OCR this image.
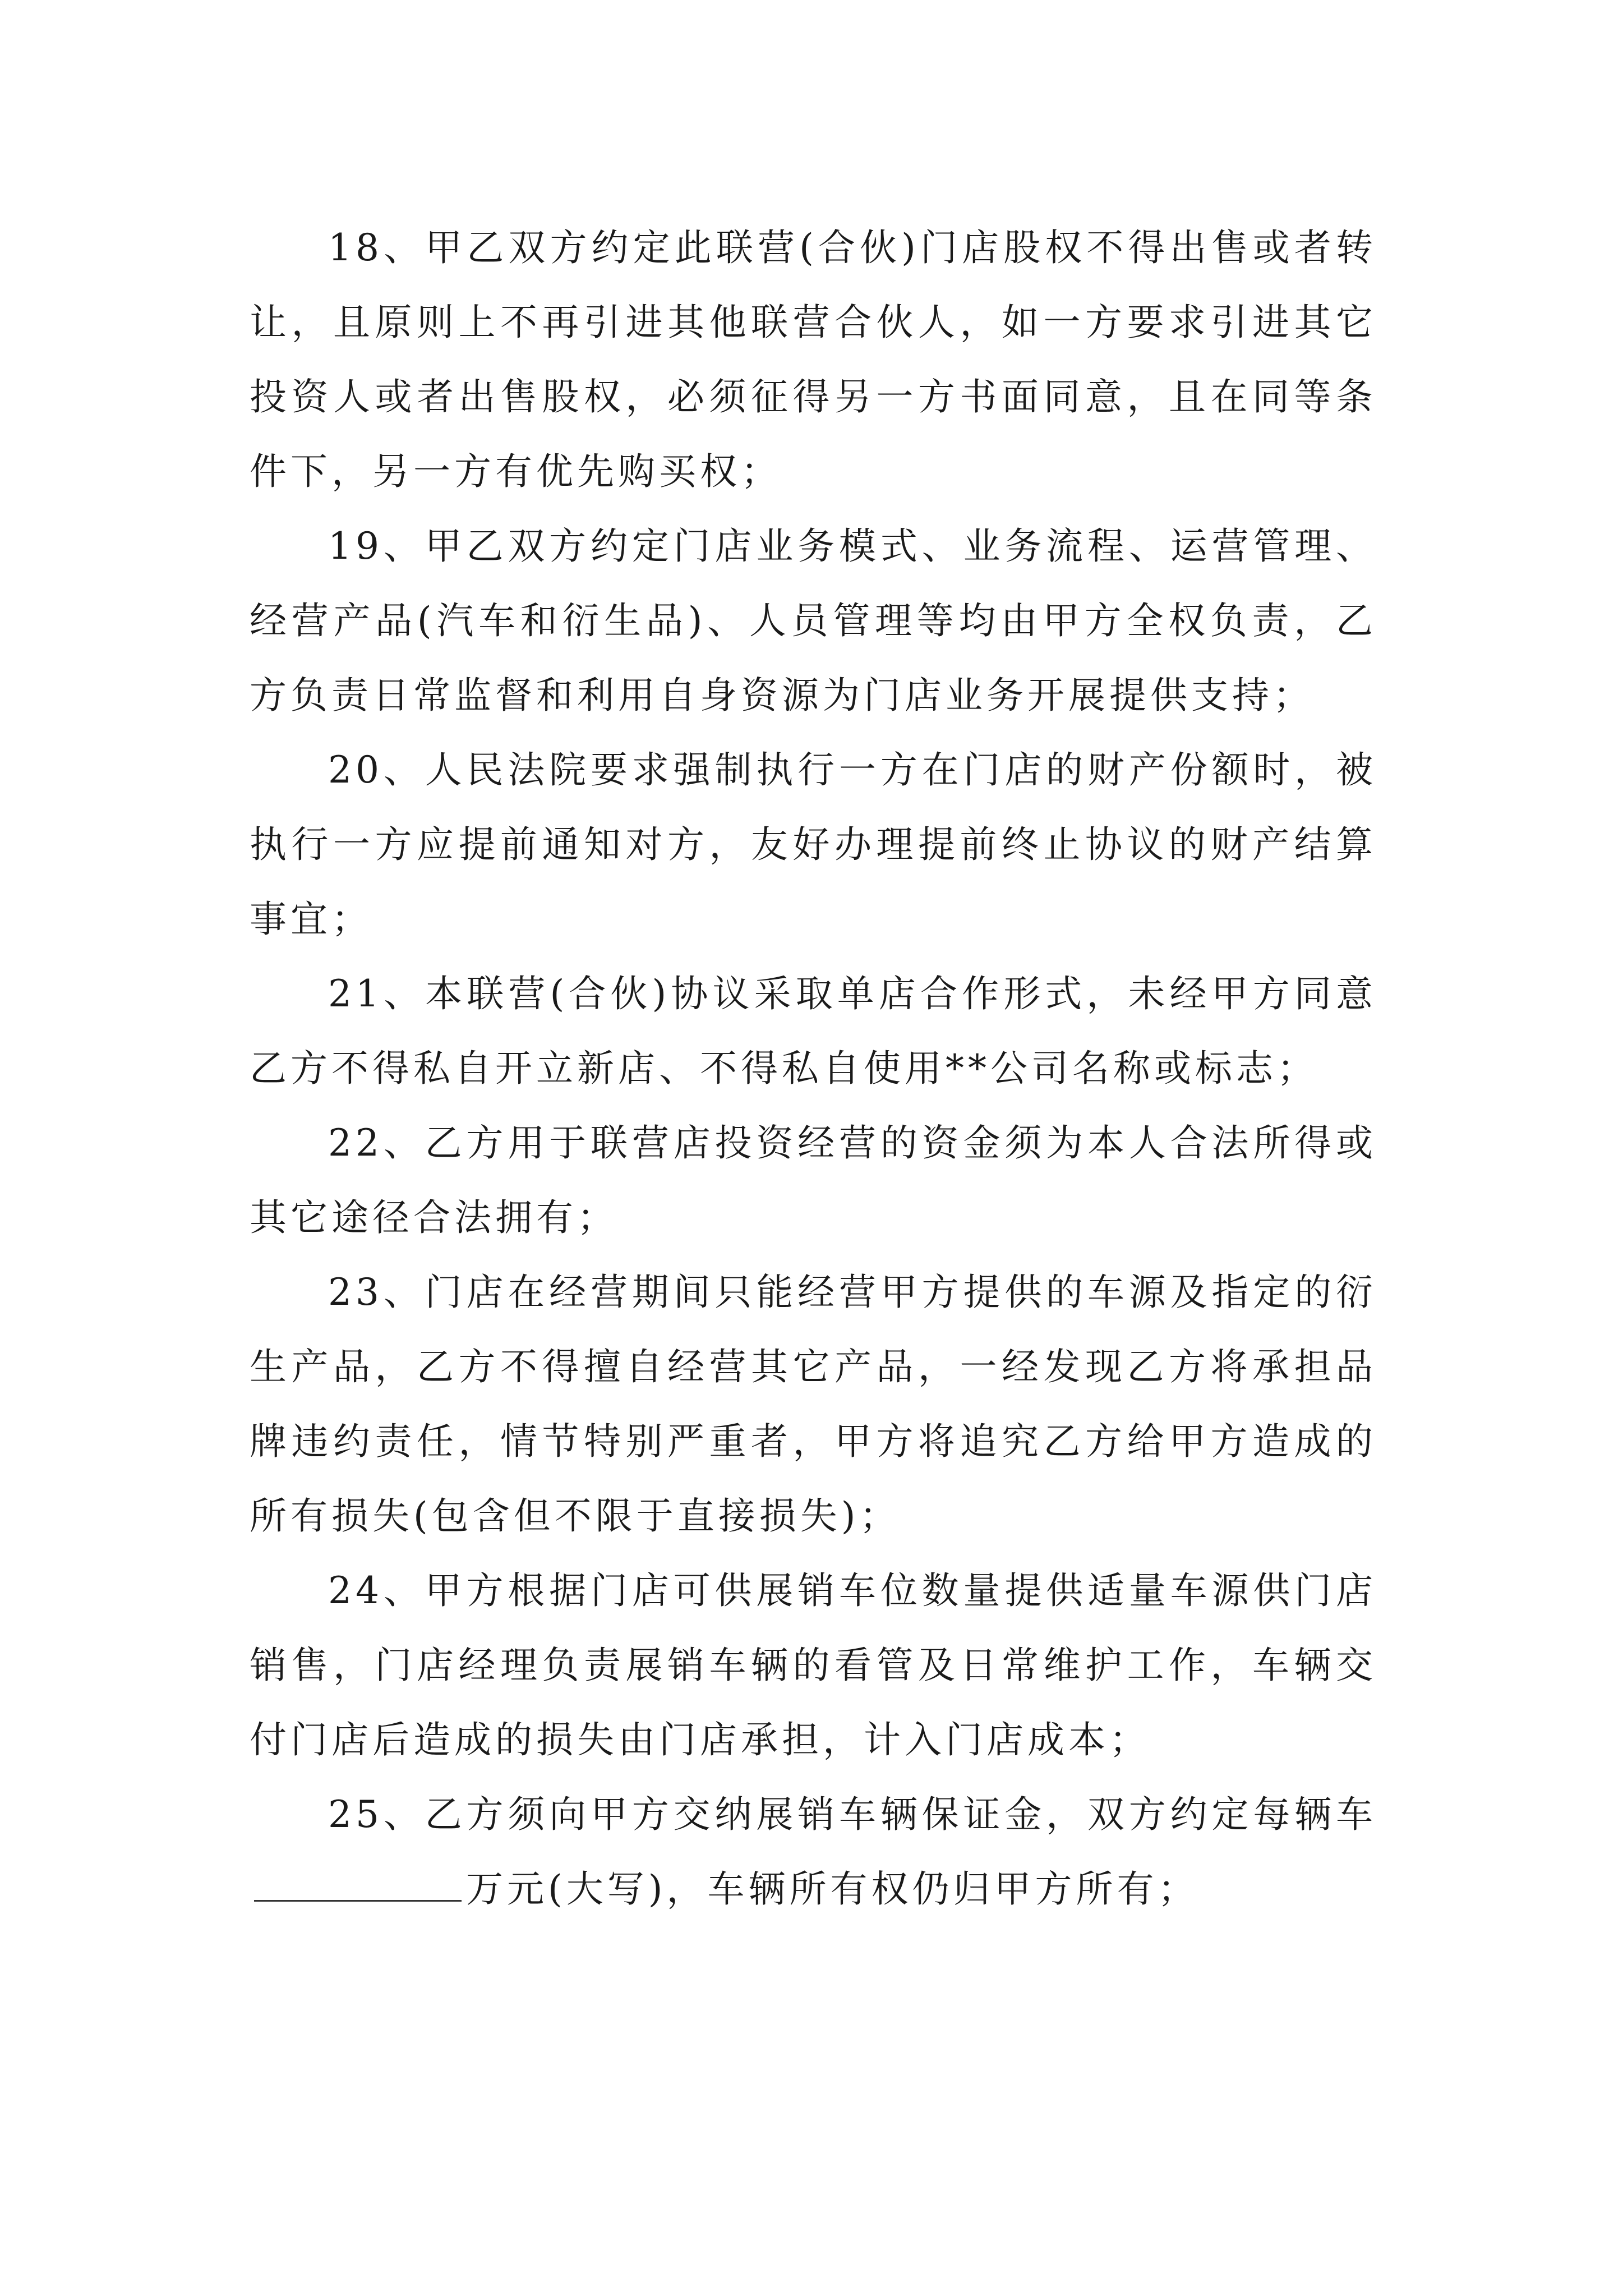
18、甲乙双方约定此联营(合伙)门店股权不得出售或者转让，且原则上不再引进其他联营合伙人，如一方要求引进其它投资人或者出售股权，必须征得另一方书面同意，且在同等条件下，另一方有优先购买权；

19、甲乙双方约定门店业务模式、业务流程、运营管理、经营产品(汽车和衍生品)、人员管理等均由甲方全权负责，乙方负责日常监督和利用自身资源为门店业务开展提供支持；

20、人民法院要求强制执行一方在门店的财产份额时，被执行一方应提前通知对方，友好办理提前终止协议的财产结算事宜；

21、本联营(合伙)协议采取单店合作形式，未经甲方同意乙方不得私自开立新店、不得私自使用**公司名称或标志；

22、乙方用于联营店投资经营的资金须为本人合法所得或其它途径合法拥有；

23、门店在经营期间只能经营甲方提供的车源及指定的衍生产品，乙方不得擅自经营其它产品，一经发现乙方将承担品牌违约责任，情节特别严重者，甲方将追究乙方给甲方造成的所有损失(包含但不限于直接损失)；

24、甲方根据门店可供展销车位数量提供适量车源供门店销售，门店经理负责展销车辆的看管及日常维护工作，车辆交付门店后造成的损失由门店承担，计入门店成本；

25、乙方须向甲方交纳展销车辆保证金，双方约定每辆车万元(大写)，车辆所有权仍归甲方所有；
